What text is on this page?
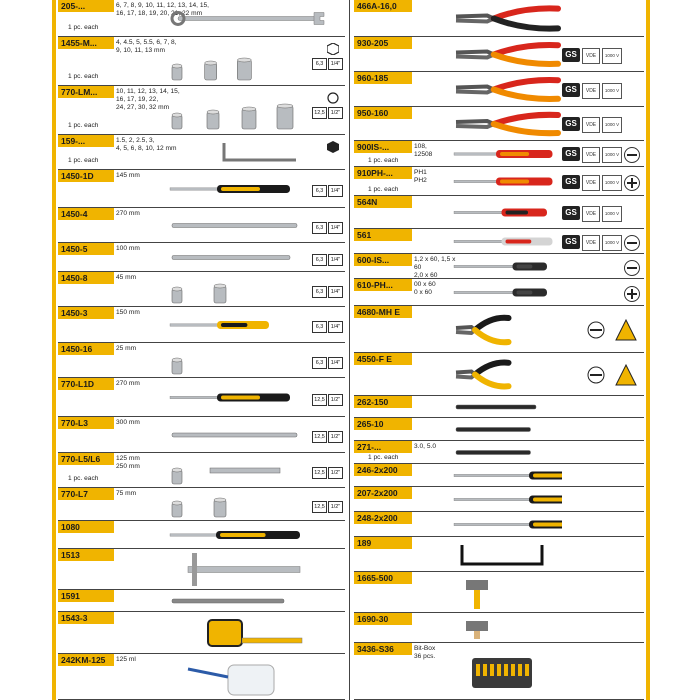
205-...	6, 7, 8, 9, 10, 11, 12, 13, 14, 15,
16, 17, 18, 19, 20, 21, 22 mm
1 pc. each
1455-M...	4, 4.5, 5, 5.5, 6, 7, 8,
9, 10, 11, 13 mm
1 pc. each
6,3	1/4"
770-LM...	10, 11, 12, 13, 14, 15,
16, 17, 19, 22,
24, 27, 30, 32 mm
1 pc. each
12,5	1/2"
159-...	1.5, 2, 2.5, 3,
4, 5, 6, 8, 10, 12 mm
1 pc. each
1450-1D	145 mm
6,3	1/4"
1450-4	270 mm
6,3	1/4"
1450-5	100 mm
6,3	1/4"
1450-8	45 mm
6,3	1/4"
1450-3	150 mm
6,3	1/4"
1450-16	25 mm
6,3	1/4"
770-L1D	270 mm
12,5	1/2"
770-L3	300 mm
12,5	1/2"
770-L5/L6	125 mm
250 mm
1 pc. each
12,5	1/2"
770-L7	75 mm
12,5	1/2"
1080
1513
1591
1543-3
242KM-125	125 ml
466A-16,0
930-205
GS	VDE	1000 V
960-185
GS	VDE	1000 V
950-160
GS	VDE	1000 V
900IS-...	108,
12508
1 pc. each
GS	VDE	1000 V
910PH-...	PH1
PH2
1 pc. each
GS	VDE	1000 V
564N
GS	VDE	1000 V
561
GS	VDE	1000 V
600-IS...	1,2 x 60, 1,5 x 60
2,0 x 60
610-PH...	00 x 60
0 x 60
4680-MH E
4550-F E
262-150
265-10
271-...	3.0, 5.0
1 pc. each
246-2x200
207-2x200
248-2x200
189
1665-500
1690-30
3436-S36	Bit-Box
36 pcs.
